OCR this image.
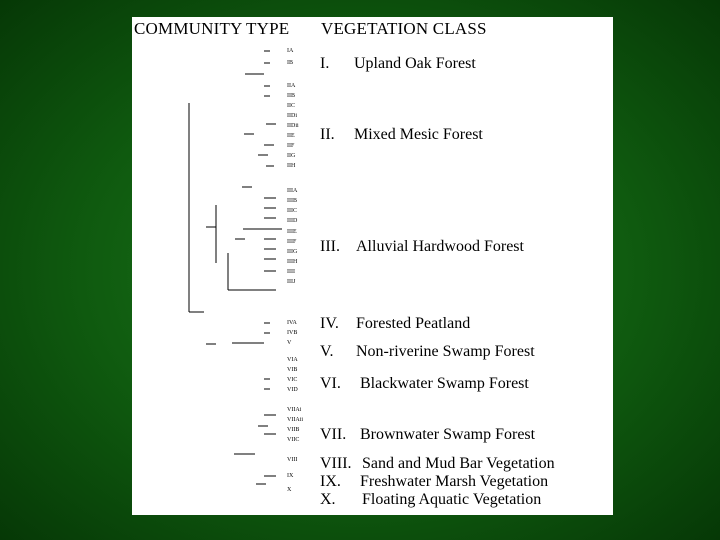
COMMUNITY TYPE VEGETATION CLASS
IA
IB
IIA
IIB
IIC
IIDi
IIDii
IIE
IIF
IIG
IIH
IIIA
IIIB
IIIC
IIID
IIIE
IIIF
IIIG
IIIH
IIII
IIIJ
IVA
IVB
V
VIA
VIB
VIC
VID
VIIAi
VIIAii
VIIB
VIIC
VIII
IX
X
I. Upland Oak Forest
II. Mixed Mesic Forest
III. Alluvial Hardwood Forest
IV. Forested Peatland
V. Non-riverine Swamp Forest
VI. Blackwater Swamp Forest
VII. Brownwater Swamp Forest
VIII. Sand and Mud Bar Vegetation
IX. Freshwater Marsh Vegetation
X. Floating Aquatic Vegetation
